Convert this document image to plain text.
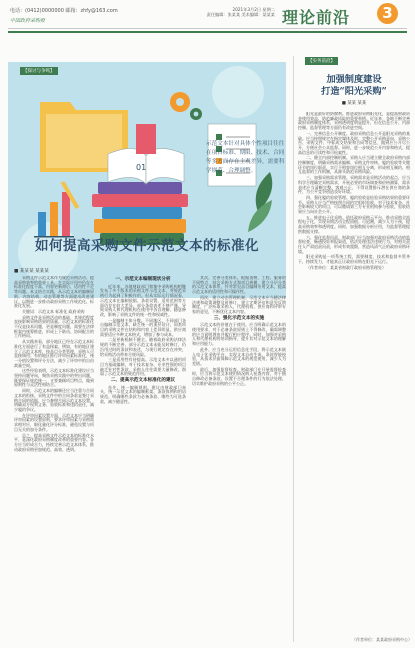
电话：(0412)0000000 邮箱：zhfy@163.com
中国政府采购报
2021年3月2日 星期二
责任编辑：张某某 美术编辑：某某某 理论前沿	3
01
【探讨与争鸣】
示范文本针对具体个性项目往往在项目标准、期限、技术、合同等多方面存在主观差异，需要科学规范、合理调整。
如何提高采购文件示范文本的标准化
■ 某某某 某某某

采购文件示范文本作为规范采购活动、提高采购效率的重要工具，在实际应用中仍存在标准化程度不高、内容更新滞后、适用性不足等问题。本文结合实践，从示范文本的编制原则、内容结构、动态管理等方面提出改进建议，以期进一步推动政府采购工作规范化、标准化发展。

关键词：示范文本 标准化 政府采购

采购文件是采购活动的基础，其规范程度直接影响采购结果的质量。示范文本的标准化不仅是技术问题，更是制度问题，需要在法律框架内统筹推进，形成上下联动、协同配合的工作格局。

从实践来看，部分地区已经在示范文本标准化方面进行了有益探索。例如，有的地区建立了示范文本库，按品目分类管理，采购人可直接调用；有的地区推行评审因素标准化，统一分值设置和评分方法，减少了评审中的自由裁量空间。

这些经验表明，示范文本标准化建设应当坚持问题导向，聚焦采购实践中的突出问题，既要保证规范统一，又要兼顾项目特点，做到原则性与灵活性相结合。

同时，示范文本的编制还应当注重与合同文本的衔接。采购文件中的合同条款是签订采购合同的依据，应当参照合同示范文本设置，明确双方权利义务、验收标准和违约责任，减少履约争议。

在评审因素设置方面，示范文本应当明确评审因素的设置原则，要求评审因素与采购需求相对应，细化量化评分标准，避免设置与项目无关的加分条件。

总之，提高采购文件示范文本的标准化水平，是深化政府采购制度改革的重要内容。各方应当形成合力，持续完善示范文本体系，推动政府采购更加规范、高效、透明。

一、示范文本编制现状分析

近年来，各地财政部门和集中采购机构相继发布了多个版本的采购文件示范文本，对规范采购行为起到了积极作用。但从实际运行情况看，示范文本在编制依据、条款设置、适用范围等方面仍存在较大差异，部分条款表述不够严谨，导致采购人和代理机构在使用中各自理解、随意修改，影响了采购文件的统一性和权威性。

一是编制主体分散。不同地区、不同部门各自编制示范文本，缺乏统一的顶层设计，同类项目的采购文件在结构和内容上差异明显，供应商需要适应多种文本格式，增加了参与成本。

二是更新机制不健全。随着政府采购法律法规的不断完善，部分示范文本未能及时修订，仍沿用过时的条款和表述，与现行规定存在冲突，给采购活动带来合规风险。

三是适用性有待提高。示范文本多以通用项目为基础编制，对于技术复杂、专业性强的项目缺乏针对性条款，采购人往往需要大量修改，削弱了示范文本的规范作用。

二、提高示范文本标准化的建议

首先，统一编制规则。建议由财政部门牵头，统一示范文本的编制框架、条款体例和用语规范，明确哪些条款为必备条款、哪些为可选条款，减少随意性。

其次，完善分类体系。根据货物、工程、服务的不同特点，结合采购方式和项目规模，建立分层分类的示范文本体系，针对常见品目编制专用文本，提高示范文本的适用性和可操作性。

再次，建立动态管理机制。示范文本应当随法律法规和政策调整及时修订，建立定期评估和意见反馈制度，广泛听取采购人、代理机构、供应商和评审专家的意见，不断优化文本内容。

三、强化示范文本的实施

示范文本的价值在于使用。应当明确示范文本的使用要求，对于必备条款原则上不得修改，确需调整的应当说明理由并履行相应程序。同时，加强对采购人和代理机构的培训指导，提升其对示范文本的理解和应用能力。

此外，应当充分运用信息化手段，将示范文本嵌入电子化采购平台，实现文本自动生成、条款智能校验，从技术层面保障示范文本的规范使用，减少人为差错。

最后，加强监督检查。财政部门在开展监督检查时，应当将示范文本使用情况纳入检查内容，对于擅自修改必备条款、设置不合理条件的行为依法处理，切实维护政府采购的公平公正。

【实务前沿】
加强制度建设
打造“阳光采购”
■ 某某 某某

阳光是最好的防腐剂。推进政府采购阳光化，是提高财政资金使用效益、防范廉政风险的重要举措。近年来，各地不断完善政府采购制度体系，采购透明度明显提升，但在信息公开、内部控制、监督管理等方面仍有改进空间。

一、完善信息公开制度。政府采购信息公开是阳光采购的基础。应当按照规定在指定媒体及时、完整公开采购意向、采购公告、采购文件、中标成交结果和合同等信息，做到应公开尽公开，方便社会公众监督。同时，进一步规范公开内容和格式，提高信息的可读性和可检索性。

二、健全内部控制机制。采购人应当建立健全政府采购内部控制制度，明确采购需求编制、采购文件审核、履约验收等关键环节的岗位职责，实行不相容岗位相互分离，形成相互制约、相互监督的工作机制，从源头防范采购风险。

三、加强采购需求管理。采购需求是采购活动的起点，应当科学合理确定采购需求，开展必要的市场调查和价格测算，需求表述应当清晰完整、客观公正，不得设置排斥潜在供应商的条件，为公平竞争创造良好环境。

四、强化履约验收管理。履约验收是检验采购结果的重要环节。采购人应当严格按照合同约定组织验收，对于技术复杂、社会影响较大的项目，可以邀请第三方专业机构参与验收，验收结果应当向社会公开。

五、推进电子化采购。依托政府采购云平台，推动采购全流程电子化，实现采购活动全程留痕、可追溯，减少人为干预，提高采购效率和透明度。同时，加强数据分析应用，为监督管理提供数据支撑。

六、强化监督问责。财政部门应当加强对政府采购活动的监督检查，畅通投诉举报渠道，依法处理违法违规行为，对相关责任人严肃追责问责，形成有效震慑，营造风清气正的政府采购环境。

阳光采购是一项系统工程，需要制度、技术和监督多管齐下，持续发力，才能真正让政府采购在阳光下运行。

（作者单位：某某省财政厅政府采购管理处）

（作者单位：某某政府采购中心）
